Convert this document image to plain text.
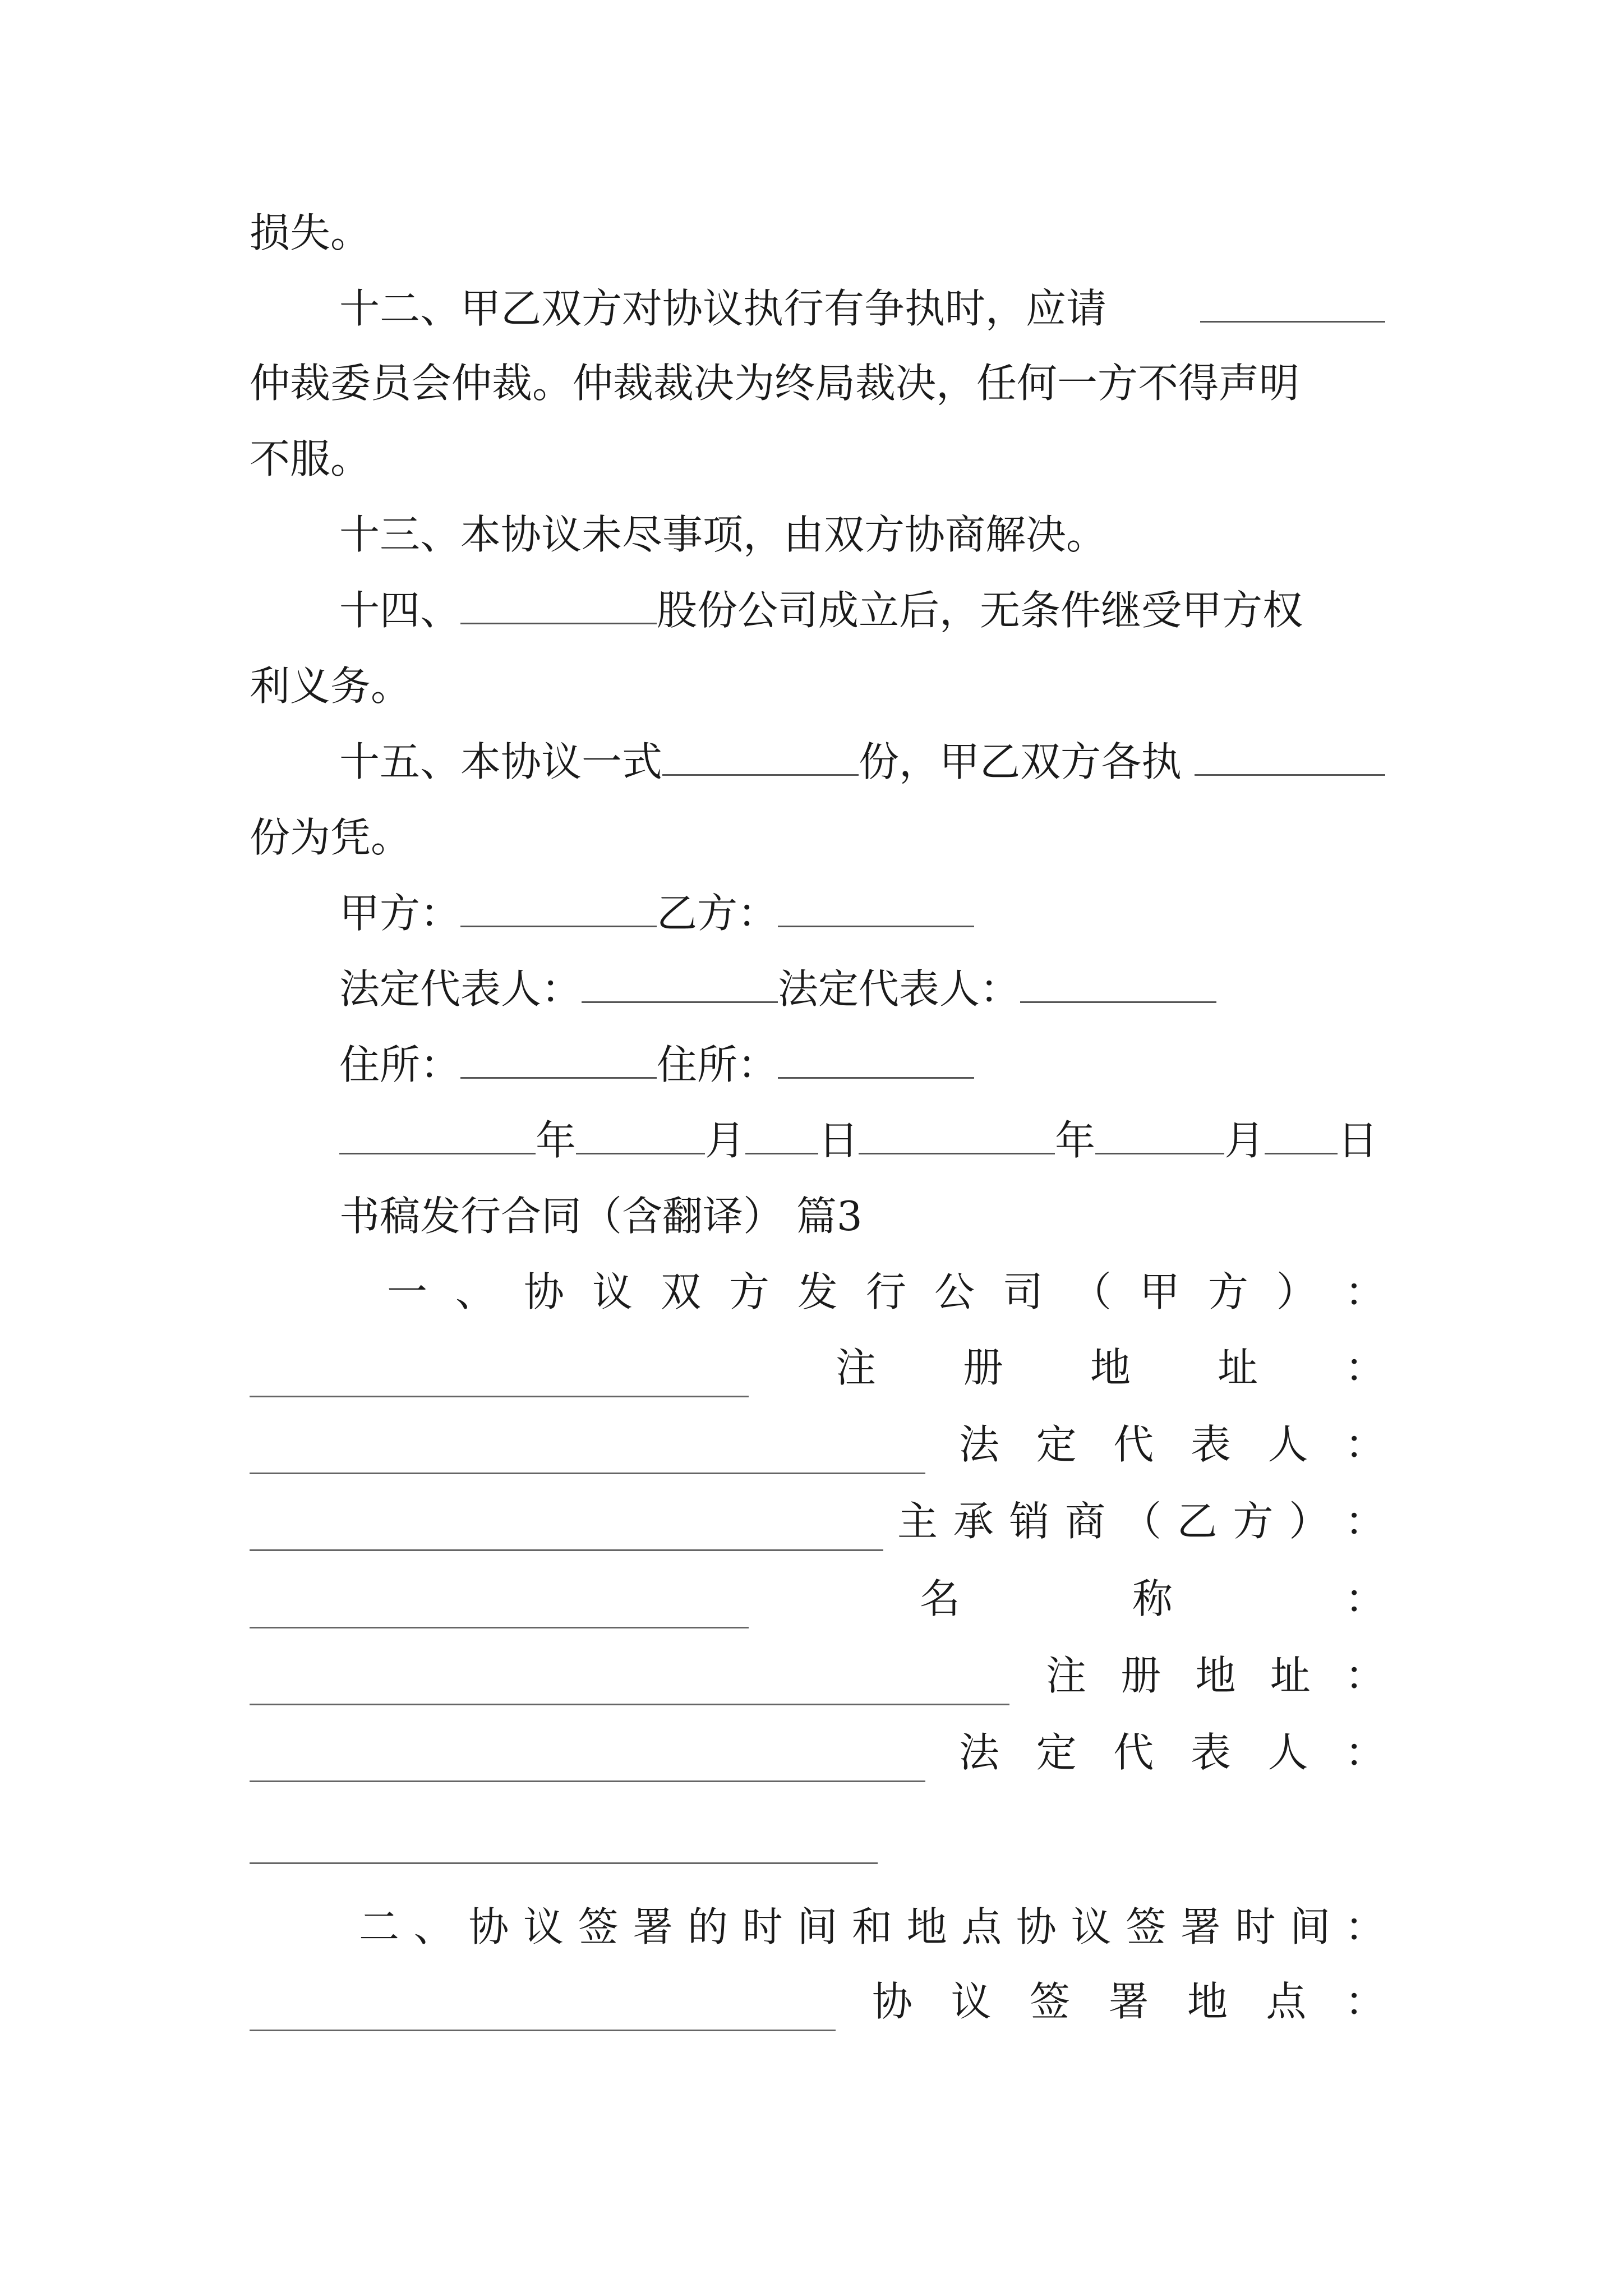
损失。
十二、甲乙双方对协议执行有争执时，应请
仲裁委员会仲裁。仲裁裁决为终局裁决，任何一方不得声明
不服。
十三、本协议未尽事项，由双方协商解决。
十四、	股份公司成立后，无条件继受甲方权
利义务。
十五、本协议一式	份，甲乙双方各执
份为凭。
甲方：	乙方：
法定代表人：	法定代表人：
住所：	住所：
年	月 日	年	月 日
书稿发行合同（含翻译） 篇3
一 、 协 议 双 方 发 行 公 司 （ 甲 方 ） ：
注 册 地 址 ：
法 定 代 表 人 ：
主 承 销 商 （ 乙 方 ） ：
名	称	：
注 册 地 址 ：
法 定 代 表 人 ：
二 、 协 议 签 署 的 时 间 和 地 点 协 议 签 署 时 间 ：
协 议 签 署 地 点 ：
